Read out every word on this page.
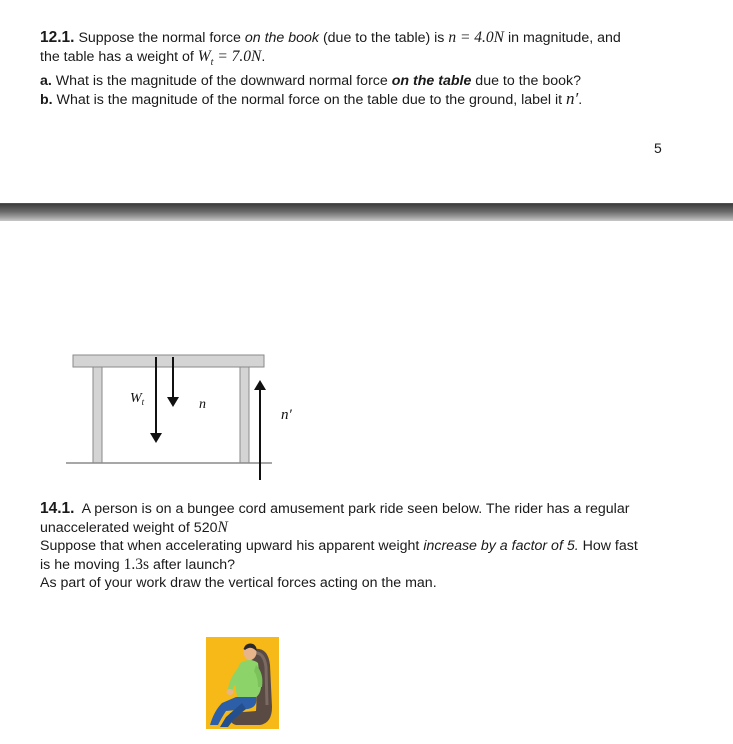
12.1. Suppose the normal force on the book (due to the table) is n = 4.0N in magnitude, and
the table has a weight of $W_t = 7.0N$.
a. What is the magnitude of the downward normal force on the table due to the book?
b. What is the magnitude of the normal force on the table due to the ground, label it n′.
5
$W_t$	n
n′
14.1. A person is on a bungee cord amusement park ride seen below. The rider has a regular
unaccelerated weight of 520N
Suppose that when accelerating upward his apparent weight increase by a factor of 5. How fast
is he moving 1.3s after launch?
As part of your work draw the vertical forces acting on the man.
